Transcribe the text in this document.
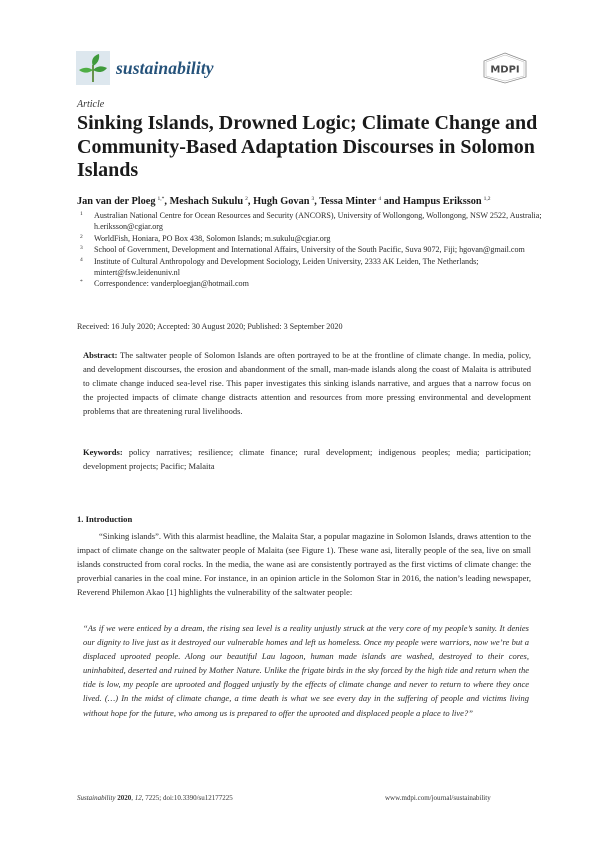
sustainability	MDPI
Article
Sinking Islands, Drowned Logic; Climate Change and Community-Based Adaptation Discourses in Solomon Islands
Jan van der Ploeg  $^{1,*}$, Meshach Sukulu  $^2$, Hugh Govan  $^3$, Tessa Minter  $^4$ and Hampus Eriksson  $^{1,2}$
1 Australian National Centre for Ocean Resources and Security (ANCORS), University of Wollongong, Wollongong, NSW 2522, Australia; h.eriksson@cgiar.org
2 WorldFish, Honiara, PO Box 438, Solomon Islands; m.sukulu@cgiar.org
3 School of Government, Development and International Affairs, University of the South Pacific, Suva 9072, Fiji; hgovan@gmail.com
4 Institute of Cultural Anthropology and Development Sociology, Leiden University, 2333 AK Leiden, The Netherlands; mintert@fsw.leidenuniv.nl
* Correspondence: vanderploegjan@hotmail.com
Received: 16 July 2020; Accepted: 30 August 2020; Published: 3 September 2020
Abstract: The saltwater people of Solomon Islands are often portrayed to be at the frontline of climate change. In media, policy, and development discourses, the erosion and abandonment of the small, man-made islands along the coast of Malaita is attributed to climate change induced sea-level rise. This paper investigates this sinking islands narrative, and argues that a narrow focus on the projected impacts of climate change distracts attention and resources from more pressing environmental and development problems that are threatening rural livelihoods.
Keywords: policy narratives; resilience; climate finance; rural development; indigenous peoples; media; participation; development projects; Pacific; Malaita
1. Introduction
“Sinking islands”. With this alarmist headline, the Malaita Star, a popular magazine in Solomon Islands, draws attention to the impact of climate change on the saltwater people of Malaita (see Figure 1). These wane asi, literally people of the sea, live on small islands constructed from coral rocks. In the media, the wane asi are consistently portrayed as the first victims of climate change: the proverbial canaries in the coal mine. For instance, in an opinion article in the Solomon Star in 2016, the nation’s leading newspaper, Reverend Philemon Akao [1] highlights the vulnerability of the saltwater people:
“As if we were enticed by a dream, the rising sea level is a reality unjustly struck at the very core of my people’s sanity. It denies our dignity to live just as it destroyed our vulnerable homes and left us homeless. Once my people were warriors, now we’re but a displaced uprooted people. Along our beautiful Lau lagoon, human made islands are washed, destroyed to their cores, uninhabited, deserted and ruined by Mother Nature. Unlike the frigate birds in the sky forced by the high tide and return when the tide is low, my people are uprooted and flogged unjustly by the effects of climate change and never to return to where they once lived. (…) In the midst of climate change, a time death is what we see every day in the suffering of people and victims living without hope for the future, who among us is prepared to offer the uprooted and displaced people a place to live?”
Sustainability 2020, 12, 7225; doi:10.3390/su12177225	www.mdpi.com/journal/sustainability
